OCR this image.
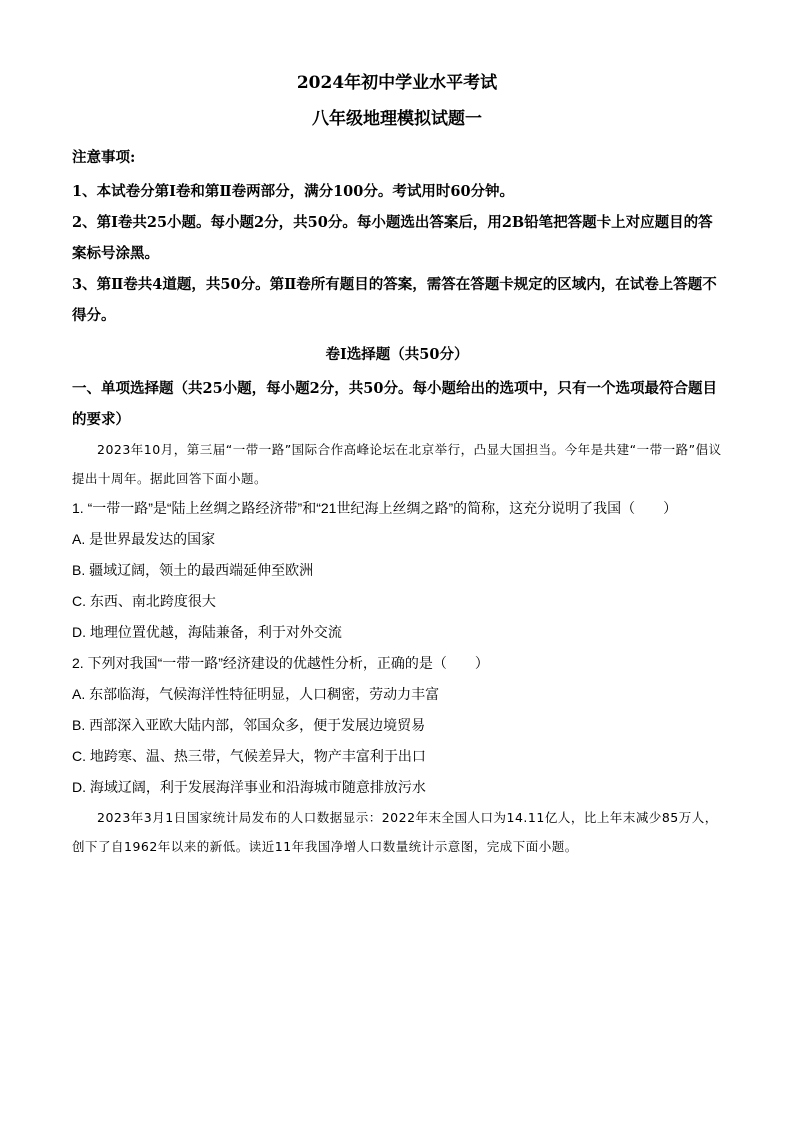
2024年初中学业水平考试
八年级地理模拟试题一
注意事项:
1、本试卷分第Ⅰ卷和第Ⅱ卷两部分，满分100分。考试用时60分钟。
2、第Ⅰ卷共25小题。每小题2分，共50分。每小题选出答案后，用2B铅笔把答题卡上对应题目的答案标号涂黑。
3、第Ⅱ卷共4道题，共50分。第Ⅱ卷所有题目的答案，需答在答题卡规定的区域内，在试卷上答题不得分。
卷Ⅰ选择题（共50分）
一、单项选择题（共25小题，每小题2分，共50分。每小题给出的选项中，只有一个选项最符合题目的要求）
2023年10月，第三届“一带一路”国际合作高峰论坛在北京举行，凸显大国担当。今年是共建“一带一路”倡议提出十周年。据此回答下面小题。
1. “一带一路”是“陆上丝绸之路经济带”和“21世纪海上丝绸之路”的简称，这充分说明了我国（　　）
A. 是世界最发达的国家
B. 疆域辽阔，领土的最西端延伸至欧洲
C. 东西、南北跨度很大
D. 地理位置优越，海陆兼备，利于对外交流
2. 下列对我国“一带一路”经济建设的优越性分析，正确的是（　　）
A. 东部临海，气候海洋性特征明显，人口稠密，劳动力丰富
B. 西部深入亚欧大陆内部，邻国众多，便于发展边境贸易
C. 地跨寒、温、热三带，气候差异大，物产丰富利于出口
D. 海域辽阔，利于发展海洋事业和沿海城市随意排放污水
2023年3月1日国家统计局发布的人口数据显示：2022年末全国人口为14.11亿人，比上年末减少85万人，创下了自1962年以来的新低。读近11年我国净增人口数量统计示意图，完成下面小题。
